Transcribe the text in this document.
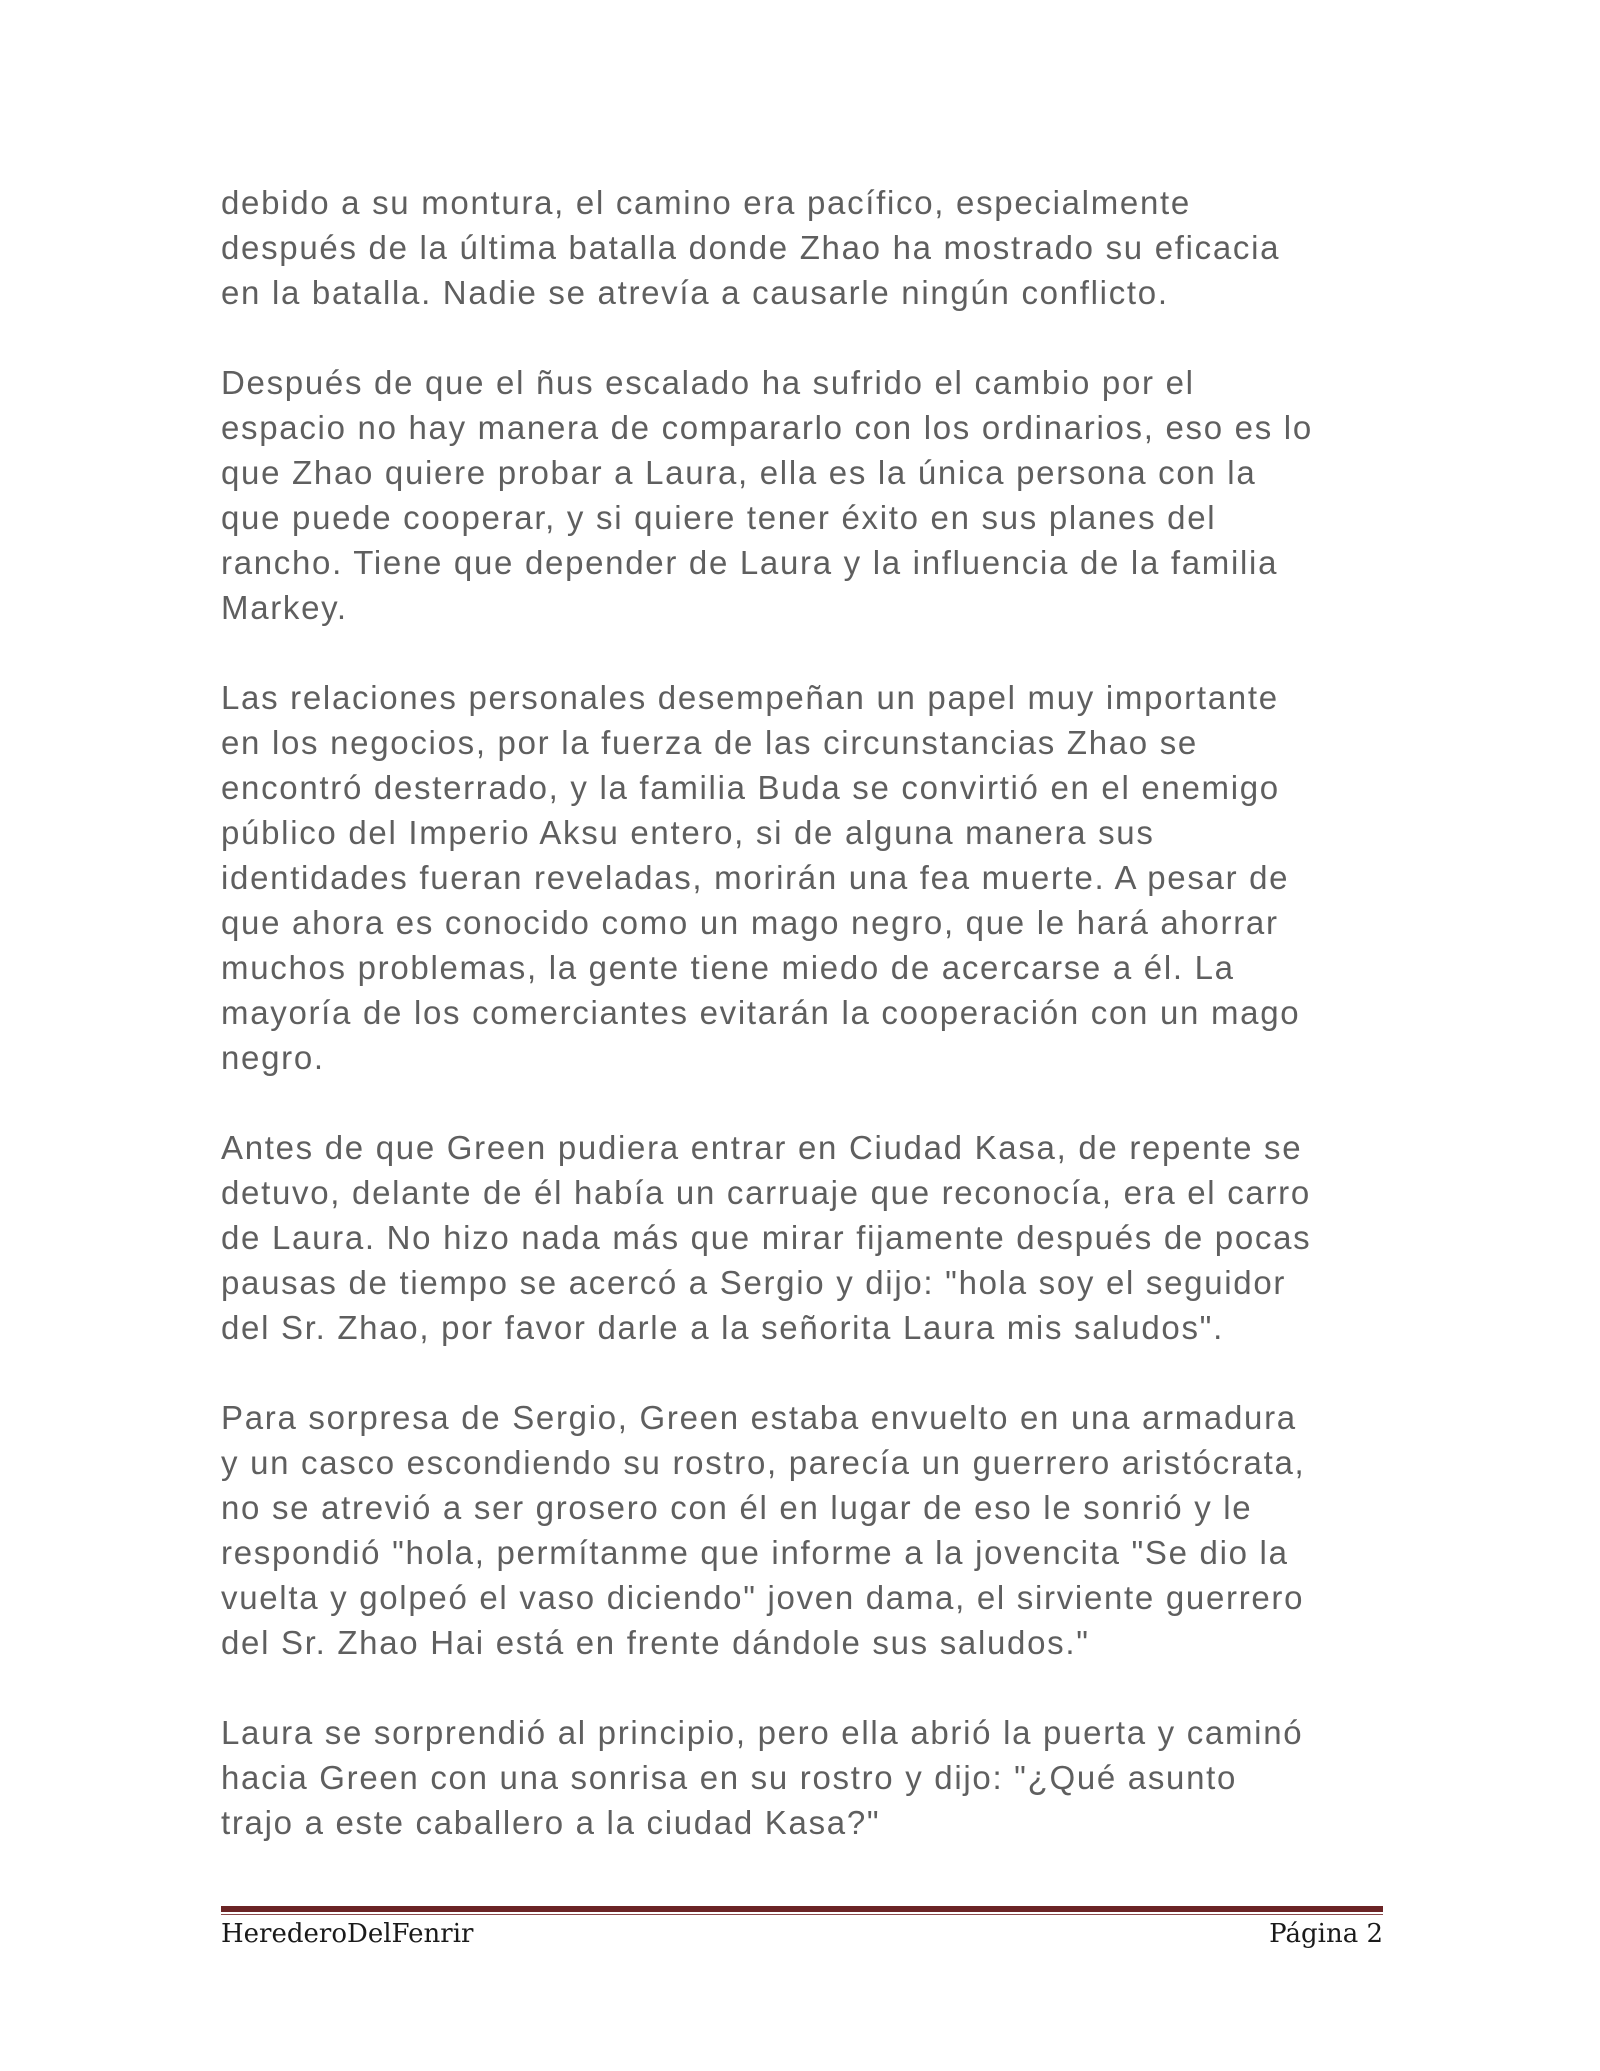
debido a su montura, el camino era pacífico, especialmente
después de la última batalla donde Zhao ha mostrado su eficacia
en la batalla. Nadie se atrevía a causarle ningún conflicto.
Después de que el ñus escalado ha sufrido el cambio por el
espacio no hay manera de compararlo con los ordinarios, eso es lo
que Zhao quiere probar a Laura, ella es la única persona con la
que puede cooperar, y si quiere tener éxito en sus planes del
rancho. Tiene que depender de Laura y la influencia de la familia
Markey.
Las relaciones personales desempeñan un papel muy importante
en los negocios, por la fuerza de las circunstancias Zhao se
encontró desterrado, y la familia Buda se convirtió en el enemigo
público del Imperio Aksu entero, si de alguna manera sus
identidades fueran reveladas, morirán una fea muerte. A pesar de
que ahora es conocido como un mago negro, que le hará ahorrar
muchos problemas, la gente tiene miedo de acercarse a él. La
mayoría de los comerciantes evitarán la cooperación con un mago
negro.
Antes de que Green pudiera entrar en Ciudad Kasa, de repente se
detuvo, delante de él había un carruaje que reconocía, era el carro
de Laura. No hizo nada más que mirar fijamente después de pocas
pausas de tiempo se acercó a Sergio y dijo: "hola soy el seguidor
del Sr. Zhao, por favor darle a la señorita Laura mis saludos".
Para sorpresa de Sergio, Green estaba envuelto en una armadura
y un casco escondiendo su rostro, parecía un guerrero aristócrata,
no se atrevió a ser grosero con él en lugar de eso le sonrió y le
respondió "hola, permítanme que informe a la jovencita "Se dio la
vuelta y golpeó el vaso diciendo" joven dama, el sirviente guerrero
del Sr. Zhao Hai está en frente dándole sus saludos."
Laura se sorprendió al principio, pero ella abrió la puerta y caminó
hacia Green con una sonrisa en su rostro y dijo: "¿Qué asunto
trajo a este caballero a la ciudad Kasa?"
HerederoDelFenrir	Página 2
